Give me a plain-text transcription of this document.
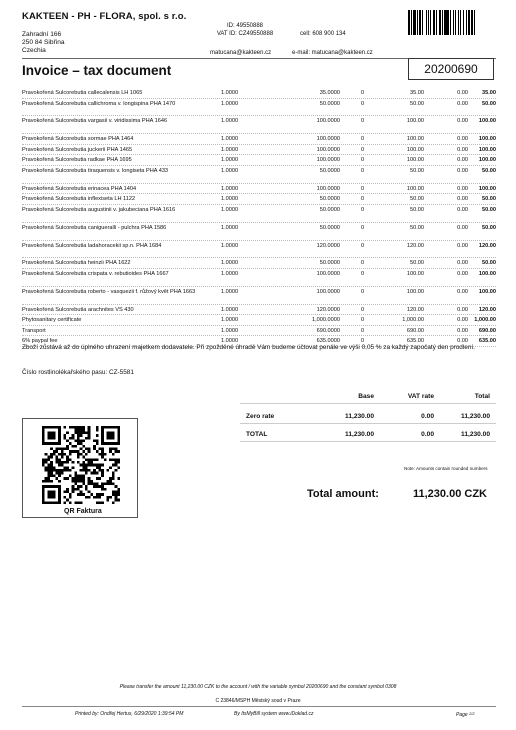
KAKTEEN - PH - FLORA, spol. s r.o.
Zahradní 166
250 84 Sibřina
Czechia
ID: 49550888
VAT ID: CZ49550888	cell: 608 900 134
matucana@kakteen.cz	e-mail: matucana@kakteen.cz
Invoice – tax document	20200690
Pravokořená Sulcorebutia callecalensis LH 1065	1.0000	35.0000	0	35.00	0.00	35.00
Pravokořená Sulcorebutia callichroma v. longispina PHA 1470	1.0000	50.0000	0	50.00	0.00	50.00
Pravokořená Sulcorebutia vargasii v. viridissima PHA 1646	1.0000	100.0000	0	100.00	0.00	100.00
Pravokořená Sulcorebutia sormae PHA 1464	1.0000	100.0000	0	100.00	0.00	100.00
Pravokořená Sulcorebutia juckerii PHA 1465	1.0000	100.0000	0	100.00	0.00	100.00
Pravokořená Sulcorebutia radkae PHA 1695	1.0000	100.0000	0	100.00	0.00	100.00
Pravokořená Sulcorebutia tiraquensis v. longiseta PHA 433	1.0000	50.0000	0	50.00	0.00	50.00
Pravokořená Sulcorebutia erinacea PHA 1404	1.0000	100.0000	0	100.00	0.00	100.00
Pravokořená Sulcorebutia inflexiseta LH 1122	1.0000	50.0000	0	50.00	0.00	50.00
Pravokořená Sulcorebutia augustinii v. jakubeciana PHA 1616	1.0000	50.0000	0	50.00	0.00	50.00
Pravokořená Sulcorebutia canigueralli - pulchra PHA 1586	1.0000	50.0000	0	50.00	0.00	50.00
Pravokořená Sulcorebutia ladahoracekii sp.n. PHA 1684	1.0000	120.0000	0	120.00	0.00	120.00
Pravokořená Sulcorebutia heinzii PHA 1622	1.0000	50.0000	0	50.00	0.00	50.00
Pravokořená Sulcorebutia crispata v. rebutioides PHA 1667	1.0000	100.0000	0	100.00	0.00	100.00
Pravokořená Sulcorebutia roberto - vasquezii f. růžový květ PHA 1663	1.0000	100.0000	0	100.00	0.00	100.00
Pravokořená Sulcorebutia arachnites VS 430	1.0000	120.0000	0	120.00	0.00	120.00
Phytosanitary certificate	1.0000	1,000.0000	0	1,000.00	0.00	1,000.00
Transport	1.0000	690.0000	0	690.00	0.00	690.00
6% paypal fee	1.0000	635.0000	0	635.00	0.00	635.00
Zboží zůstává až do úplného uhrazení majetkem dodavatele. Při zpožděné úhradě Vám budeme účtovat penále ve výši 0,05 % za každý započatý den prodlení.
Číslo rostlinolékařského pasu: CZ-5581
QR Faktura
Base	VAT rate	Total
Zero rate	11,230.00	0.00	11,230.00
TOTAL	11,230.00	0.00	11,230.00
Note: Amounts contain rounded numbers
Total amount:	11,230.00 CZK
Please transfer the amount 11,230.00 CZK to the account / with the variable symbol 20200690 and the constant symbol 0308
C 23846/MSPH Městský soud v Praze
Printed by: Ondřej Hertus, 6/29/2020 1:39:54 PM	By ItsMyBill system www.iDoklad.cz	Page $^{2/2}$
